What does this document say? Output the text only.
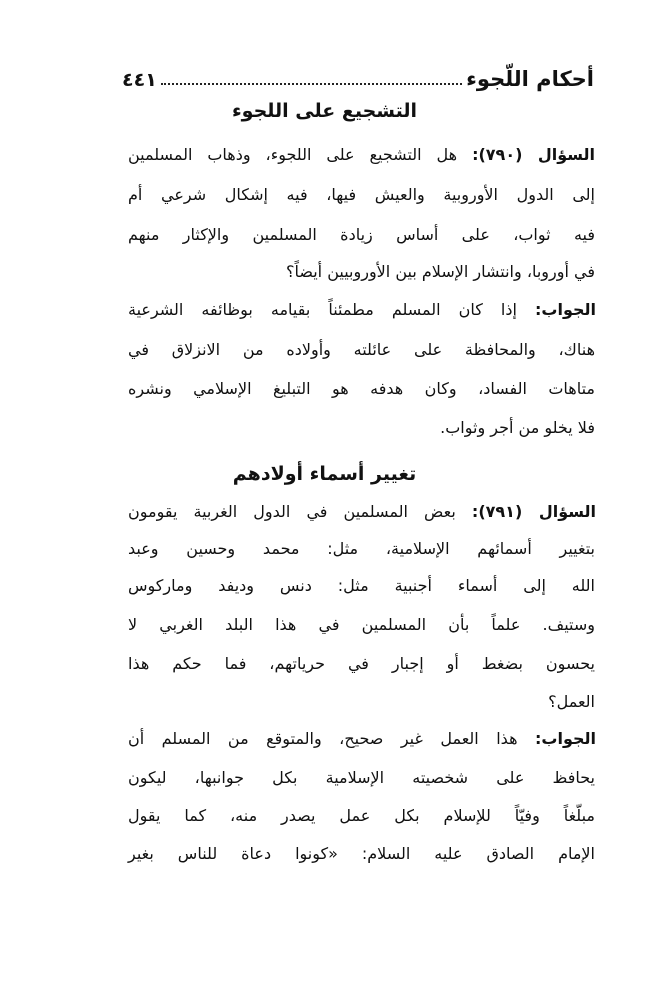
أحكام اللّجوء
٤٤١
التشجيع على اللجوء
السؤال (٧٩٠): هل التشجيع على اللجوء، وذهاب المسلمين
إلى الدول الأوروبية والعيش فيها، فيه إشكال شرعي أم
فيه ثواب، على أساس زيادة المسلمين والإكثار منهم
في أوروبا، وانتشار الإسلام بين الأوروبيين أيضاً؟
الجواب: إذا كان المسلم مطمئناً بقيامه بوظائفه الشرعية
هناك، والمحافظة على عائلته وأولاده من الانزلاق في
متاهات الفساد، وكان هدفه هو التبليغ الإسلامي ونشره
فلا يخلو من أجر وثواب.
تغيير أسماء أولادهم
السؤال (٧٩١): بعض المسلمين في الدول الغربية يقومون
بتغيير أسمائهم الإسلامية، مثل: محمد وحسين وعبد
الله إلى أسماء أجنبية مثل: دنس وديفد وماركوس
وستيف. علماً بأن المسلمين في هذا البلد الغربي لا
يحسون بضغط أو إجبار في حرياتهم، فما حكم هذا
العمل؟
الجواب: هذا العمل غير صحيح، والمتوقع من المسلم أن
يحافظ على شخصيته الإسلامية بكل جوانبها، ليكون
مبلّغاً وفيّاً للإسلام بكل عمل يصدر منه، كما يقول
الإمام الصادق عليه السلام: «كونوا دعاة للناس بغير
